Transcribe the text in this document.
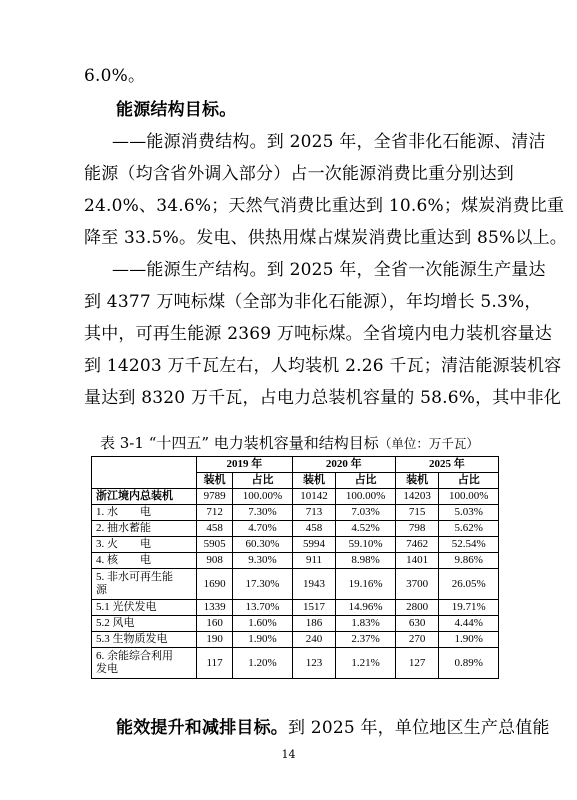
6.0%。
能源结构目标。
——能源消费结构。到 2025 年，全省非化石能源、清洁
能源（均含省外调入部分）占一次能源消费比重分别达到
24.0%、34.6%；天然气消费比重达到 10.6%；煤炭消费比重
降至 33.5%。发电、供热用煤占煤炭消费比重达到 85%以上。
——能源生产结构。到 2025 年，全省一次能源生产量达
到 4377 万吨标煤（全部为非化石能源），年均增长 5.3%，
其中，可再生能源 2369 万吨标煤。全省境内电力装机容量达
到 14203 万千瓦左右，人均装机 2.26 千瓦；清洁能源装机容
表 3-1 “十四五” 电力装机容量和结构目标（单位：万千瓦）
	2019 年		2020 年		2025 年	
	装机	占比	装机	占比	装机	占比
浙江境内总装机	9789	100.00%	10142	100.00%	14203	100.00%
1. 水　　电	712	7.30%	713	7.03%	715	5.03%
2. 抽水蓄能	458	4.70%	458	4.52%	798	5.62%
3. 火　　电	5905	60.30%	5994	59.10%	7462	52.54%
4. 核　　电	908	9.30%	911	8.98%	1401	9.86%

5. 非水可再生能
源	1690	17.30%	1943	19.16%	3700	26.05%
5.1 光伏发电	1339	13.70%	1517	14.96%	2800	19.71%
5.2 风电	160	1.60%	186	1.83%	630	4.44%
5.3 生物质发电	190	1.90%	240	2.37%	270	1.90%

6. 余能综合利用
发电	117	1.20%	123	1.21%	127	0.89%
能效提升和减排目标。到 2025 年，单位地区生产总值能
14
量达到 8320 万千瓦，占电力总装机容量的 58.6%，其中非化
